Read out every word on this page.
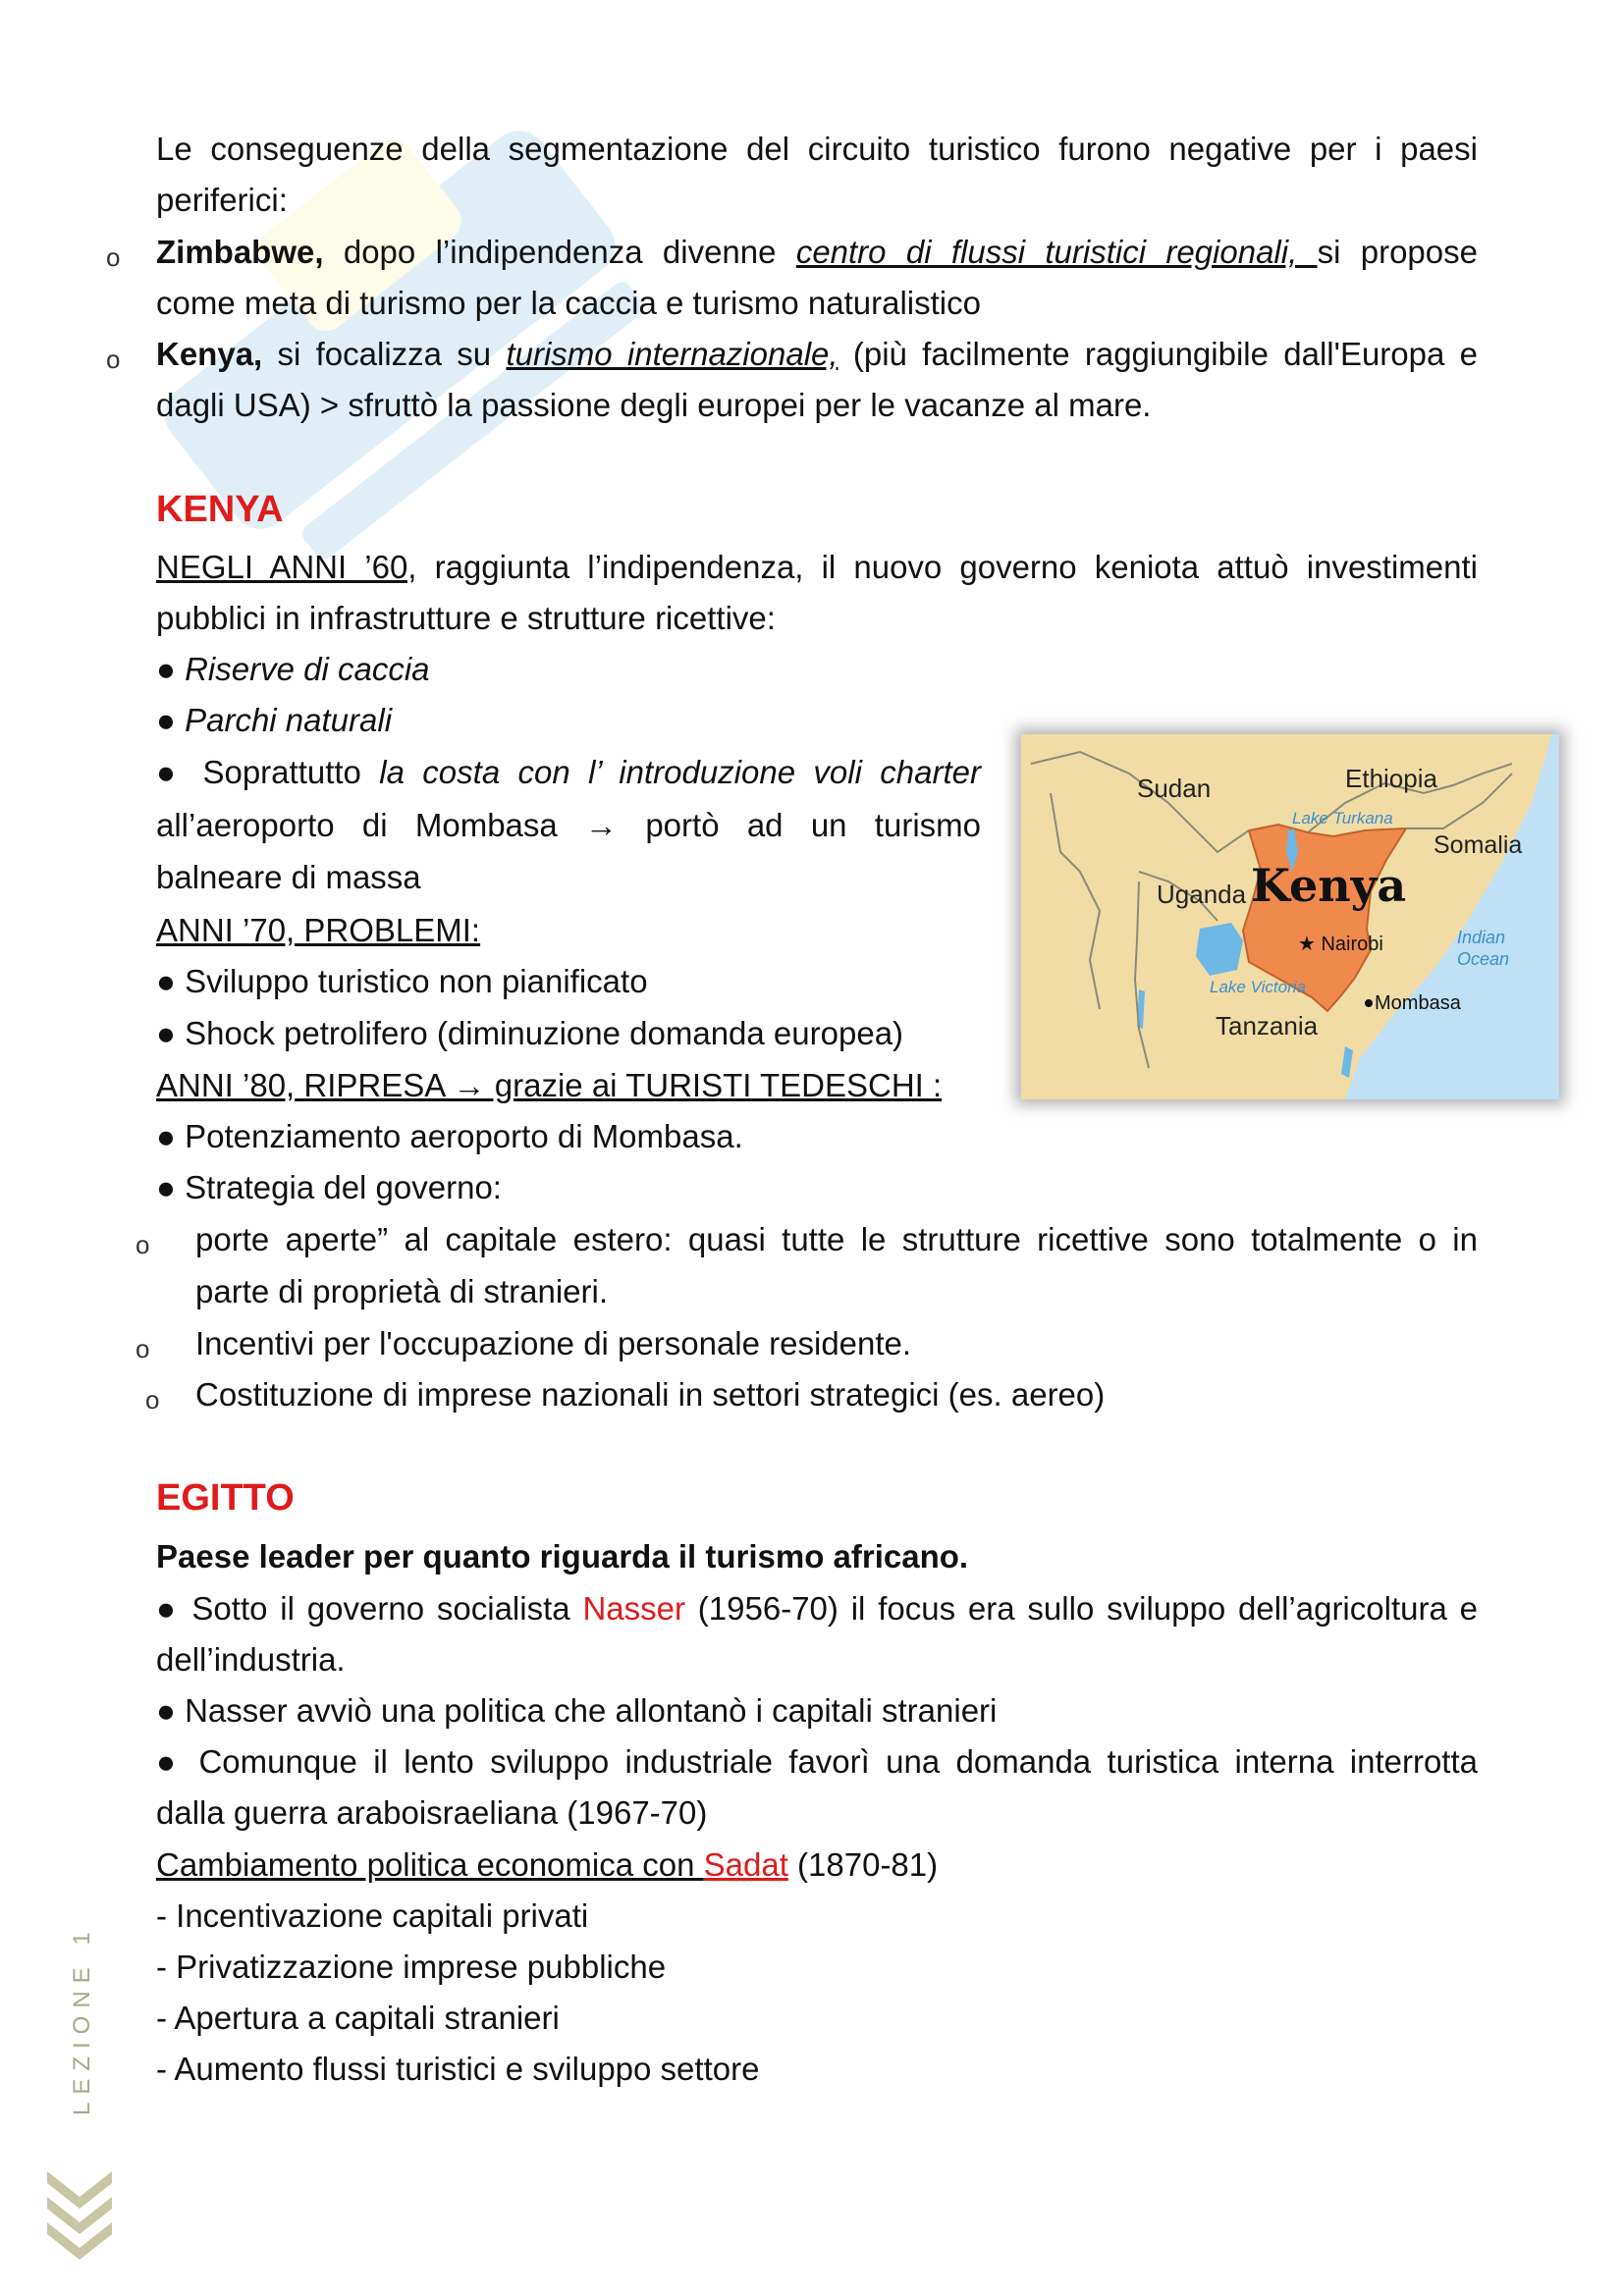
Le conseguenze della segmentazione del circuito turistico furono negative per i paesi
periferici:
o Zimbabwe, dopo l’indipendenza divenne centro di flussi turistici regionali, si propose
come meta di turismo per la caccia e turismo naturalistico
o Kenya, si focalizza su turismo internazionale, (più facilmente raggiungibile dall'Europa e
dagli USA) > sfruttò la passione degli europei per le vacanze al mare.
KENYA
NEGLI ANNI ’60, raggiunta l’indipendenza, il nuovo governo keniota attuò investimenti
pubblici in infrastrutture e strutture ricettive:
● Riserve di caccia
● Parchi naturali
● Soprattutto la costa con l’ introduzione voli charter
all’aeroporto di Mombasa → portò ad un turismo
balneare di massa
ANNI ’70, PROBLEMI:
● Sviluppo turistico non pianificato
● Shock petrolifero (diminuzione domanda europea)
ANNI ’80, RIPRESA → grazie ai TURISTI TEDESCHI :
● Potenziamento aeroporto di Mombasa.
● Strategia del governo:
o porte aperte” al capitale estero: quasi tutte le strutture ricettive sono totalmente o in
parte di proprietà di stranieri.
o Incentivi per l'occupazione di personale residente.
o Costituzione di imprese nazionali in settori strategici (es. aereo)
Sudan	Ethiopia
Lake Turkana
Somalia
Uganda Kenya
★ Nairobi	Indian
Ocean
Lake Victoria
Mombasa
Tanzania
EGITTO
Paese leader per quanto riguarda il turismo africano.
● Sotto il governo socialista Nasser (1956-70) il focus era sullo sviluppo dell’agricoltura e
dell’industria.
● Nasser avviò una politica che allontanò i capitali stranieri
● Comunque il lento sviluppo industriale favorì una domanda turistica interna interrotta
dalla guerra araboisraeliana (1967-70)
Cambiamento politica economica con Sadat (1870-81)
- Incentivazione capitali privati
- Privatizzazione imprese pubbliche
- Apertura a capitali stranieri
- Aumento flussi turistici e sviluppo settore
LEZIONE 1
